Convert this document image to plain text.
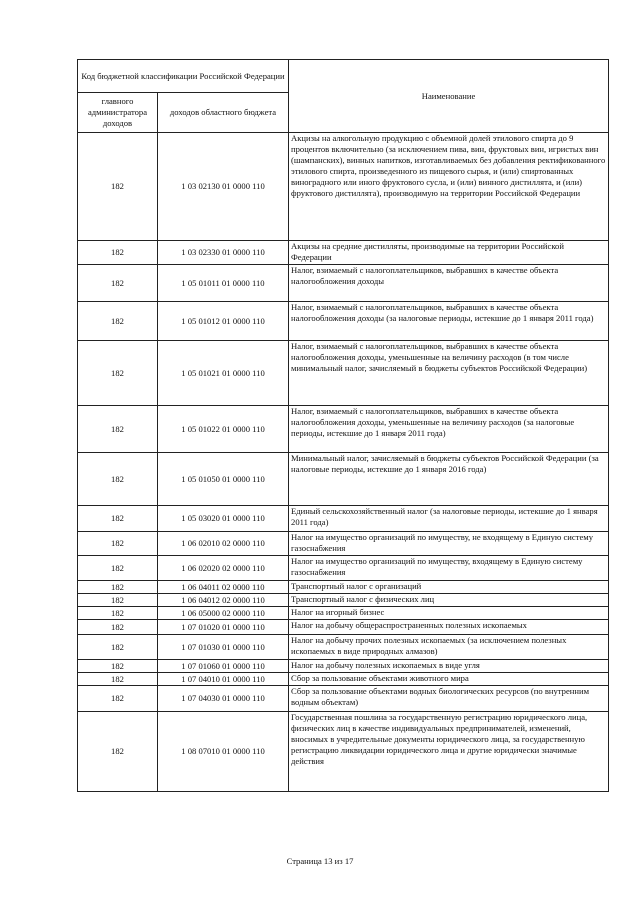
Код бюджетной классификации Российской Федерации		Наименование
главного администратора доходов	доходов областного бюджета	
182	1 03 02130 01 0000 110	Акцизы на алкогольную продукцию с объемной долей этилового спирта до 9 процентов включительно (за исключением пива, вин, фруктовых вин, игристых вин (шампанских), винных напитков, изготавливаемых без добавления ректификованного этилового спирта, произведенного из пищевого сырья, и (или) спиртованных виноградного или иного фруктового сусла, и (или) винного дистиллята, и (или) фруктового дистиллята), производимую на территории Российской Федерации
182	1 03 02330 01 0000 110	Акцизы на средние дистилляты, производимые на территории Российской Федерации
182	1 05 01011 01 0000 110	Налог, взимаемый с налогоплательщиков, выбравших в качестве объекта налогообложения доходы
182	1 05 01012 01 0000 110	Налог, взимаемый с налогоплательщиков, выбравших в качестве объекта налогообложения доходы (за налоговые периоды, истекшие до 1 января 2011 года)
182	1 05 01021 01 0000 110	Налог, взимаемый с налогоплательщиков, выбравших в качестве объекта налогообложения доходы, уменьшенные на величину расходов (в том числе минимальный налог, зачисляемый в бюджеты субъектов Российской Федерации)
182	1 05 01022 01 0000 110	Налог, взимаемый с налогоплательщиков, выбравших в качестве объекта налогообложения доходы, уменьшенные на величину расходов (за налоговые периоды, истекшие до 1 января 2011 года)
182	1 05 01050 01 0000 110	Минимальный налог, зачисляемый в бюджеты субъектов Российской Федерации (за налоговые периоды, истекшие до 1 января 2016 года)
182	1 05 03020 01 0000 110	Единый сельскохозяйственный налог (за налоговые периоды, истекшие до 1 января 2011 года)
182	1 06 02010 02 0000 110	Налог на имущество организаций по имуществу, не входящему в Единую систему газоснабжения
182	1 06 02020 02 0000 110	Налог на имущество организаций по имуществу, входящему в Единую систему газоснабжения
182	1 06 04011 02 0000 110	Транспортный налог с организаций
182	1 06 04012 02 0000 110	Транспортный налог с физических лиц
182	1 06 05000 02 0000 110	Налог на игорный бизнес
182	1 07 01020 01 0000 110	Налог на добычу общераспространенных полезных ископаемых
182	1 07 01030 01 0000 110	Налог на добычу прочих полезных ископаемых (за исключением полезных ископаемых в виде природных алмазов)
182	1 07 01060 01 0000 110	Налог на добычу полезных ископаемых в виде угля
182	1 07 04010 01 0000 110	Сбор за пользование объектами животного мира
182	1 07 04030 01 0000 110	Сбор за пользование объектами водных биологических ресурсов (по внутренним водным объектам)
182	1 08 07010 01 0000 110	Государственная пошлина за государственную регистрацию юридического лица, физических лиц в качестве индивидуальных предпринимателей, изменений, вносимых в учредительные документы юридического лица, за государственную регистрацию ликвидации юридического лица и другие юридически значимые действия
Страница 13 из 17
